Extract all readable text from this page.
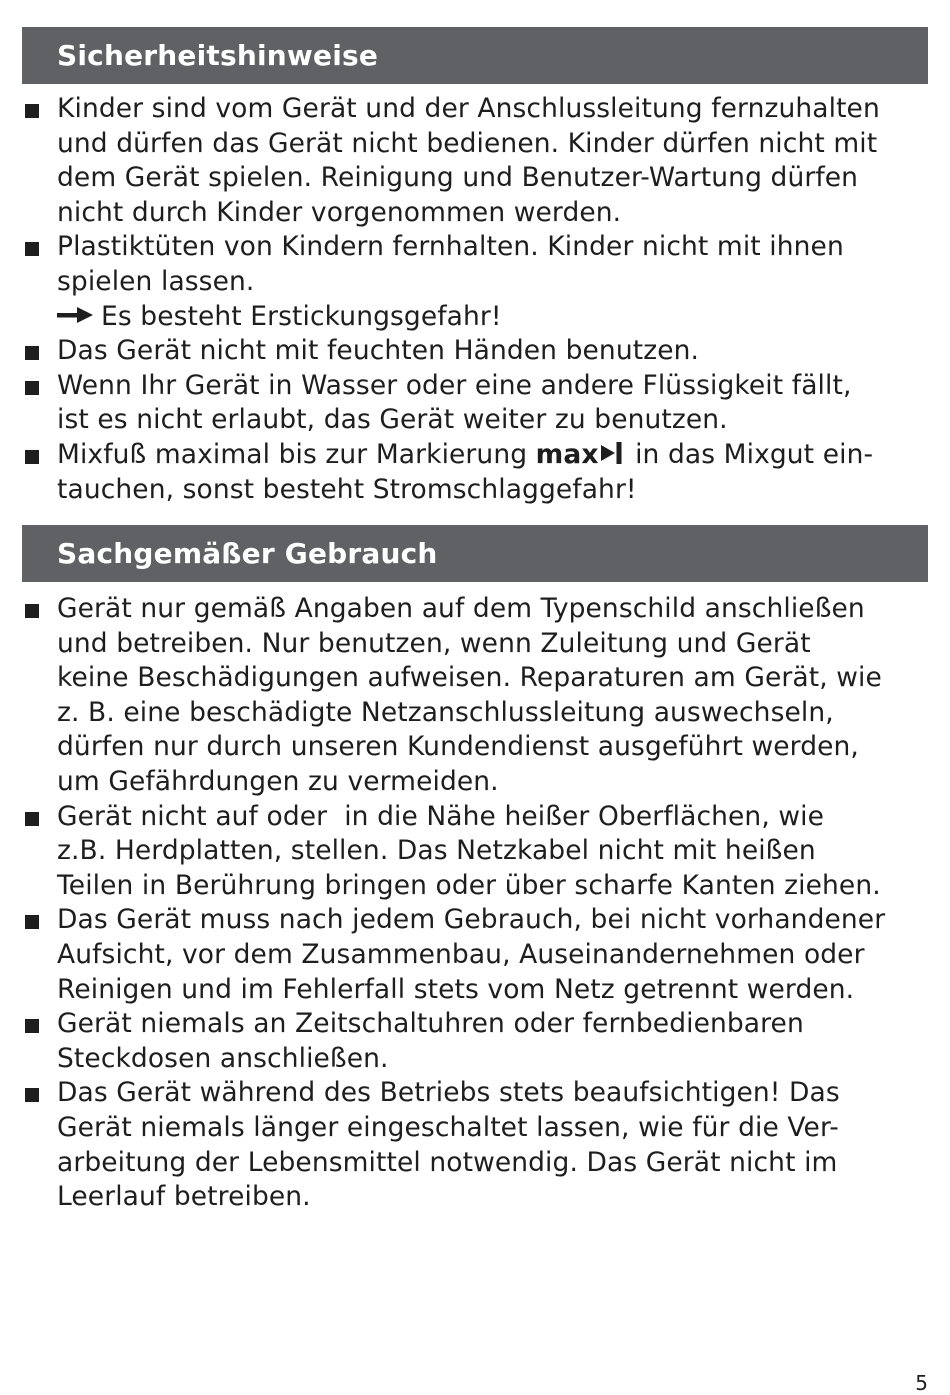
Sicherheitshinweise
Kinder sind vom Gerät und der Anschlussleitung fernzuhalten
und dürfen das Gerät nicht bedienen. Kinder dürfen nicht mit
dem Gerät spielen. Reinigung und Benutzer-Wartung dürfen
nicht durch Kinder vorgenommen werden.
Plastiktüten von Kindern fernhalten. Kinder nicht mit ihnen
spielen lassen.
Es besteht Erstickungsgefahr!
Das Gerät nicht mit feuchten Händen benutzen.
Wenn Ihr Gerät in Wasser oder eine andere Flüssigkeit fällt,
ist es nicht erlaubt, das Gerät weiter zu benutzen.
Mixfuß maximal bis zur Markierung max in das Mixgut ein-
tauchen, sonst besteht Stromschlaggefahr!
Sachgemäßer Gebrauch
Gerät nur gemäß Angaben auf dem Typenschild anschließen
und betreiben. Nur benutzen, wenn Zuleitung und Gerät
keine Beschädigungen aufweisen. Reparaturen am Gerät, wie
z. B. eine beschädigte Netzanschlussleitung auswechseln,
dürfen nur durch unseren Kundendienst ausgeführt werden,
um Gefährdungen zu vermeiden.
Gerät nicht auf oder  in die Nähe heißer Oberflächen, wie
z.B. Herdplatten, stellen. Das Netzkabel nicht mit heißen
Teilen in Berührung bringen oder über scharfe Kanten ziehen.
Das Gerät muss nach jedem Gebrauch, bei nicht vorhandener
Aufsicht, vor dem Zusammenbau, Auseinandernehmen oder
Reinigen und im Fehlerfall stets vom Netz getrennt werden.
Gerät niemals an Zeitschaltuhren oder fernbedienbaren
Steckdosen anschließen.
Das Gerät während des Betriebs stets beaufsichtigen! Das
Gerät niemals länger eingeschaltet lassen, wie für die Ver-
arbeitung der Lebensmittel notwendig. Das Gerät nicht im
Leerlauf betreiben.
5
